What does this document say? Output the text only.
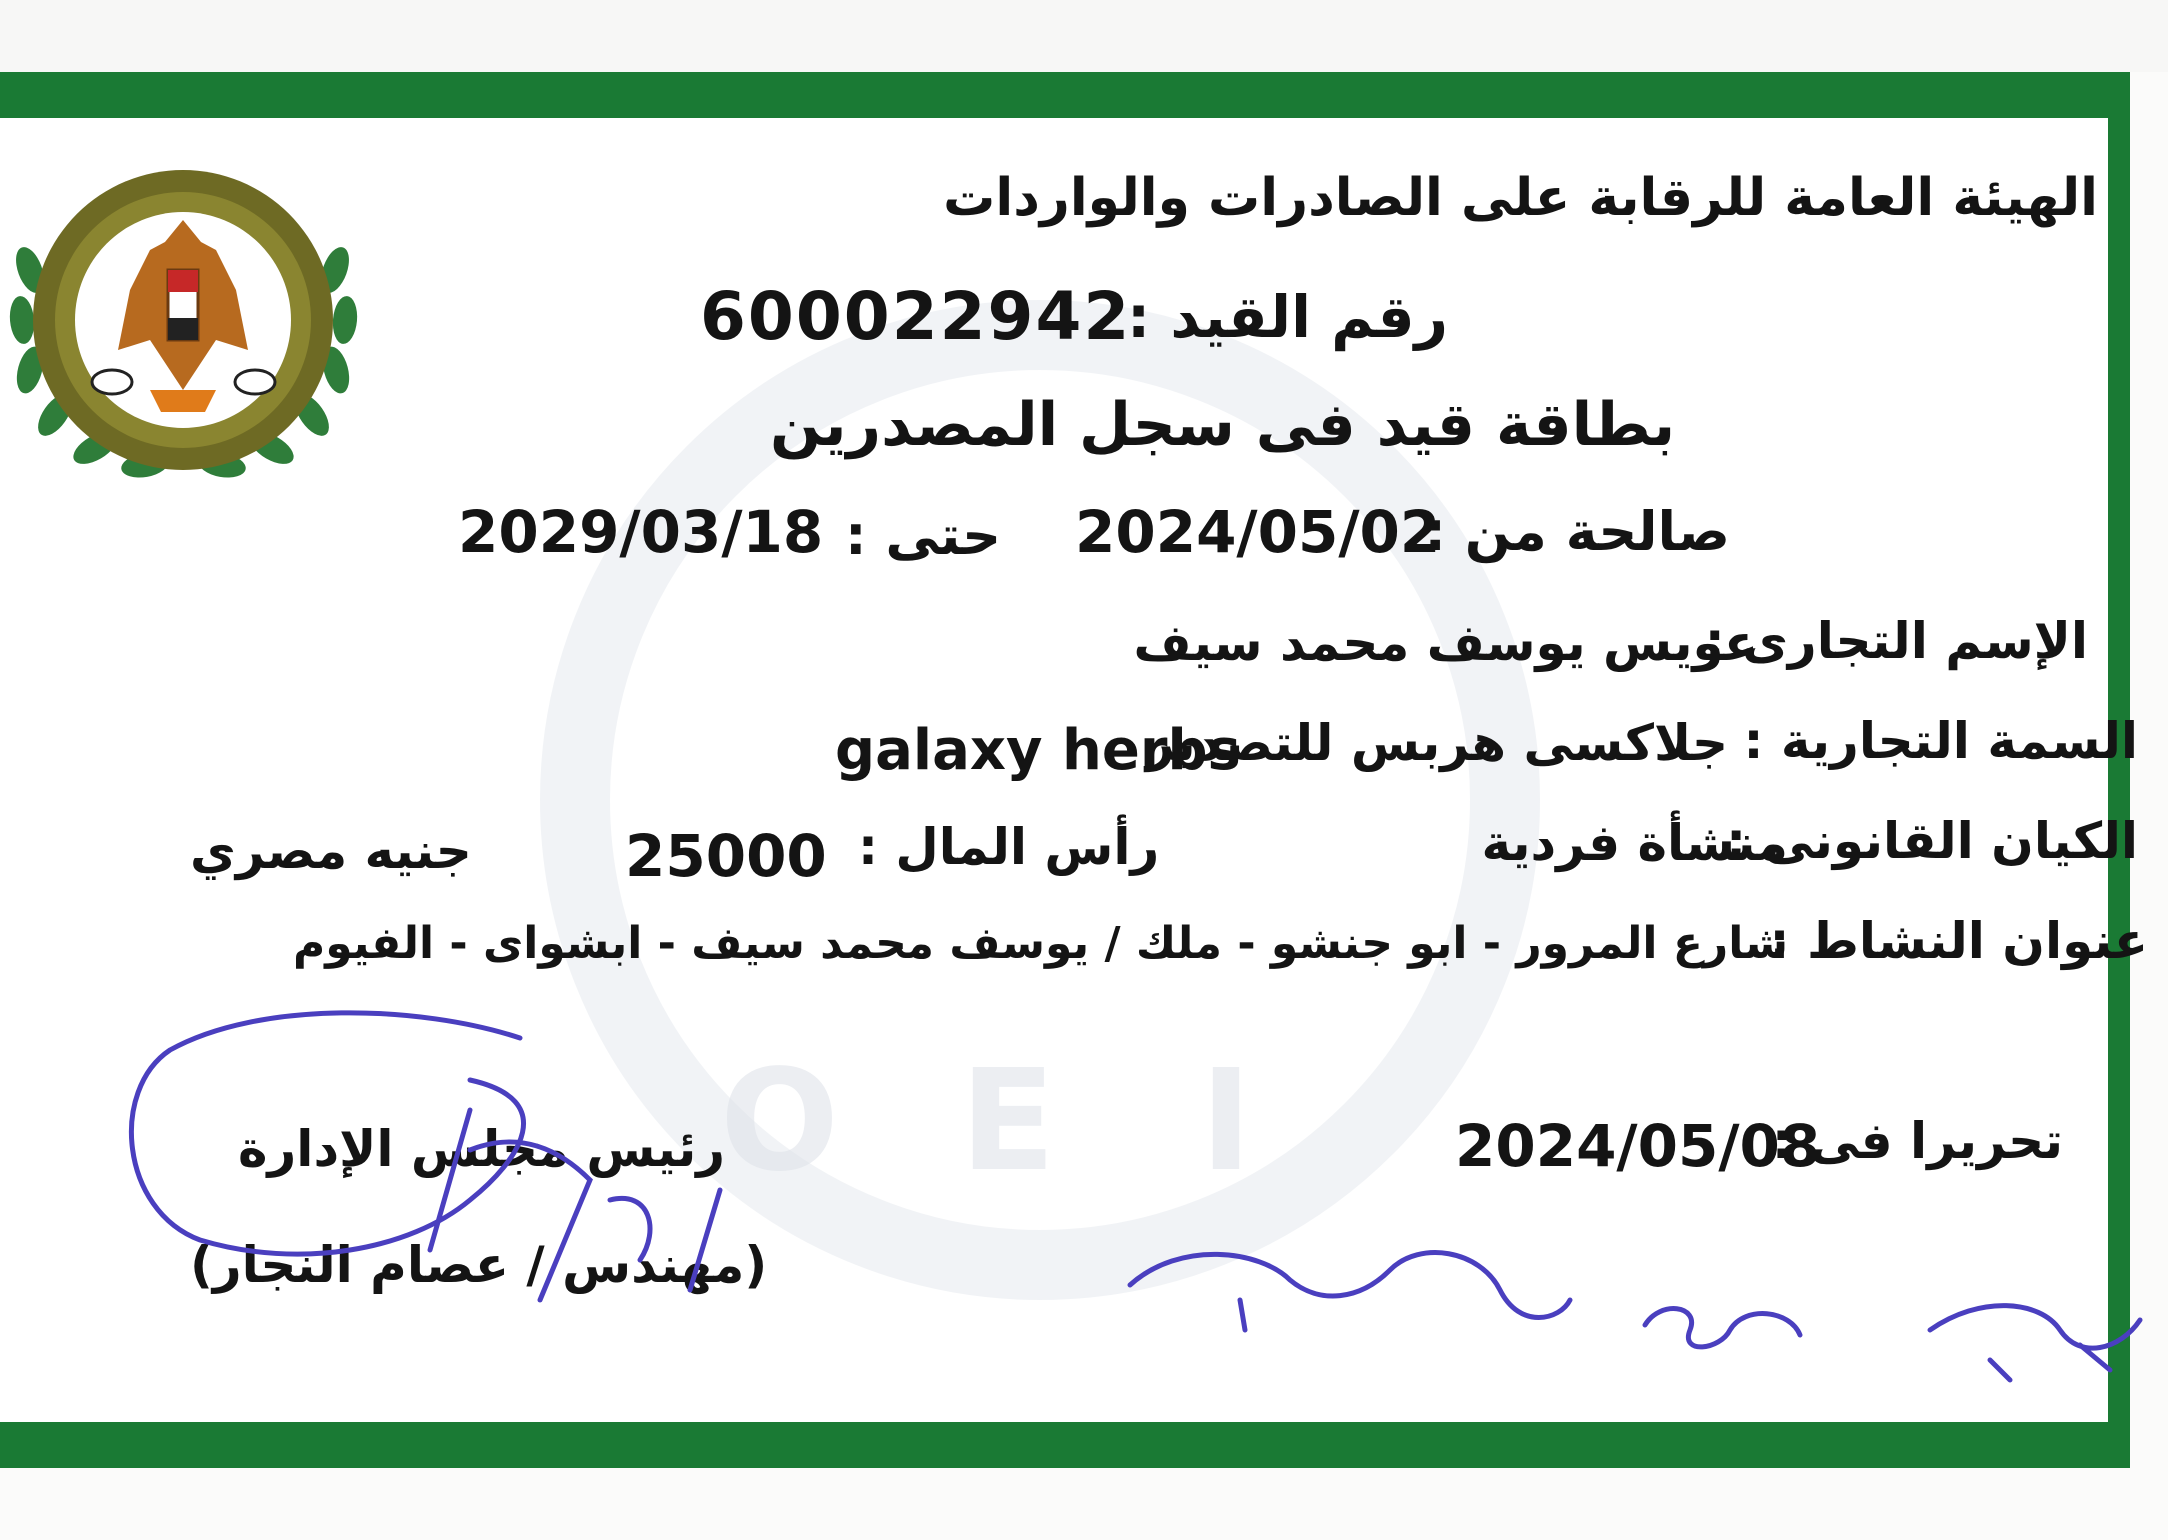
O E I
الهيئة العامة للرقابة على الصادرات والواردات
رقم القيد :
600022942
بطاقة قيد فى سجل المصدرين
صالحة من :
2024/05/02
حتى :
2029/03/18
الإسم التجارى :
عويس يوسف محمد سيف
السمة التجارية :
جلاكسى هربس للتصدير
galaxy herbs
الكيان القانونى :
منشأة فردية
رأس المال :
25000
جنيه مصري
عنوان النشاط :
شارع المرور - ابو جنشو - ملك / يوسف محمد سيف - ابشواى - الفيوم
تحريرا فى :
2024/05/08
رئيس مجلس الإدارة
(مهندس / عصام النجار)
